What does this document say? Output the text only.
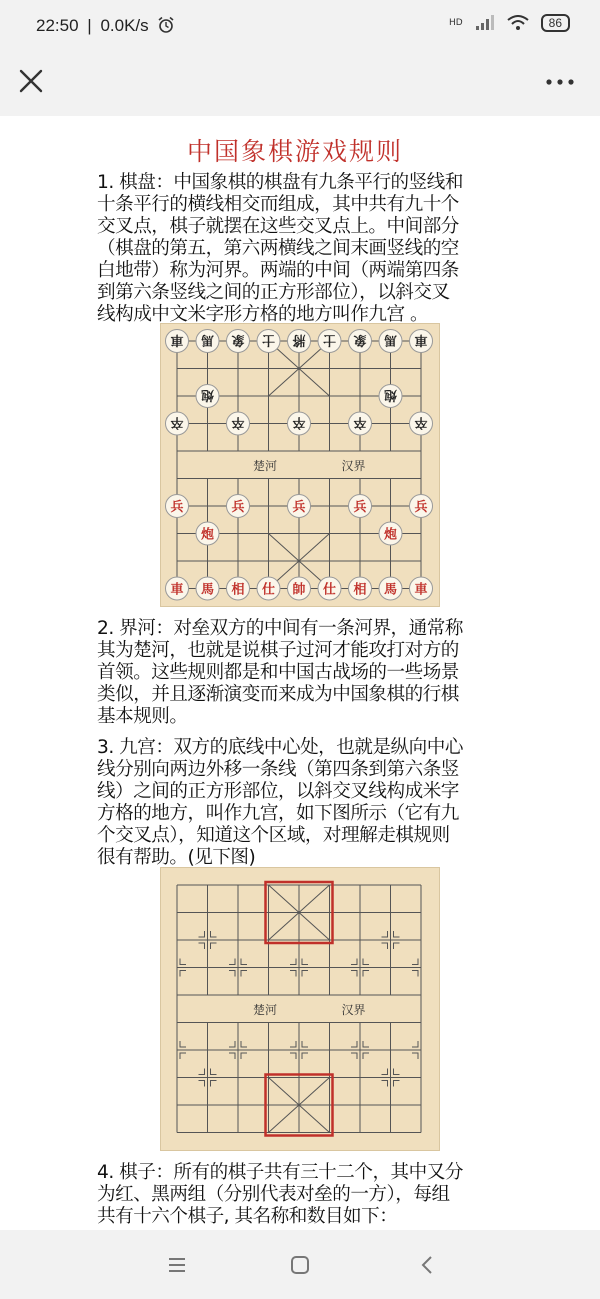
22:50 | 0.0K/s	HD	86
中国象棋游戏规则
1. 棋盘：中国象棋的棋盘有九条平行的竖线和
十条平行的横线相交而组成，其中共有九十个
交叉点，棋子就摆在这些交叉点上。中间部分
（棋盘的第五，第六两横线之间末画竖线的空
白地带）称为河界。两端的中间（两端第四条
到第六条竖线之间的正方形部位），以斜交叉
线构成中文米字形方格的地方叫作九宫 。
楚河	汉界
車 馬 象 士 將 士 象 馬 車
炮	炮
卒	卒	卒	卒	卒
兵	兵	兵	兵	兵
炮	炮
車 馬 相 仕 帥 仕 相 馬 車
2. 界河：对垒双方的中间有一条河界，通常称
其为楚河，也就是说棋子过河才能攻打对方的
首领。这些规则都是和中国古战场的一些场景
类似，并且逐渐演变而来成为中国象棋的行棋
基本规则。
3. 九宫：双方的底线中心处，也就是纵向中心
线分别向两边外移一条线（第四条到第六条竖
线）之间的正方形部位，以斜交叉线构成米字
方格的地方，叫作九宫，如下图所示（它有九
个交叉点），知道这个区域，对理解走棋规则
很有帮助。(见下图)
楚河	汉界
4. 棋子：所有的棋子共有三十二个，其中又分
为红、黑两组（分别代表对垒的一方），每组
共有十六个棋子, 其名称和数目如下：
